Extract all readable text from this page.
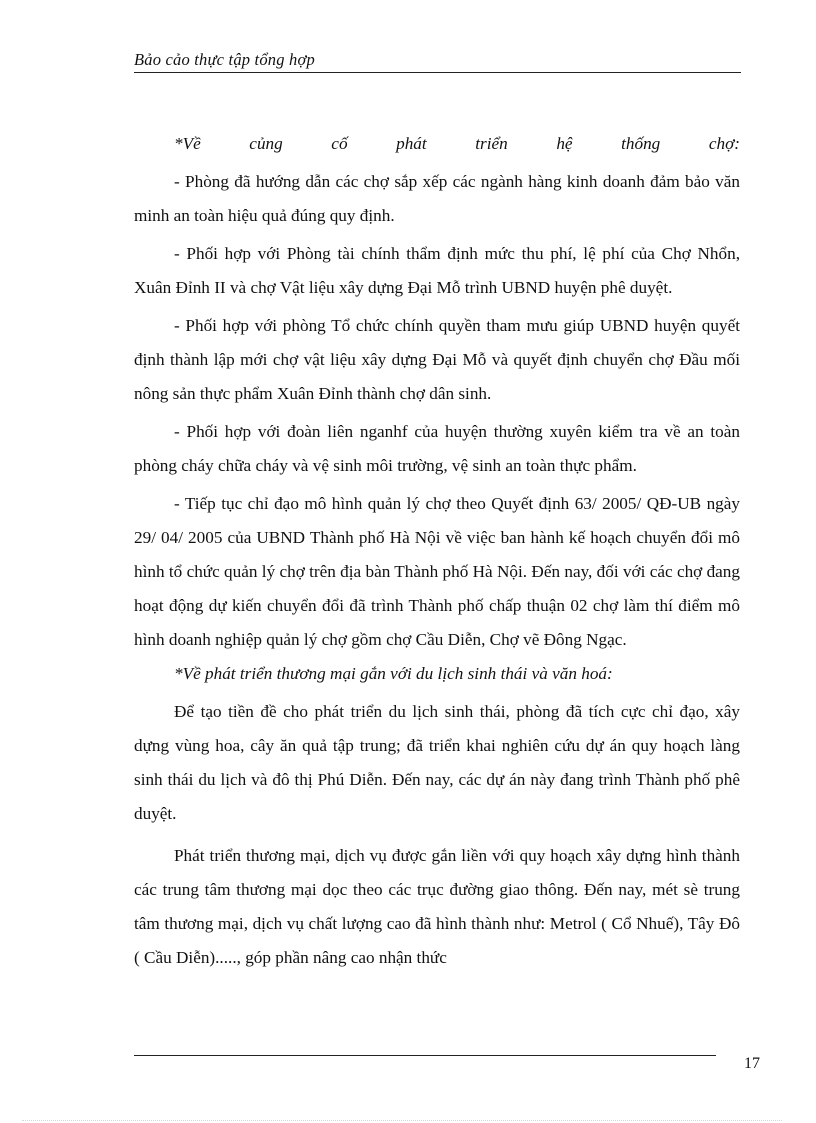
Bảo cảo thực tập tổng hợp
*Về củng cố phát triển hệ thống chợ:
- Phòng đã hướng dẫn các chợ sắp xếp các ngành hàng kinh doanh đảm bảo văn minh an toàn hiệu quả đúng quy định.
- Phối hợp với Phòng tài chính thẩm định mức thu phí, lệ phí của Chợ Nhổn, Xuân Đỉnh II và chợ Vật liệu xây dựng Đại Mỗ trình UBND huyện phê duyệt.
- Phối hợp với phòng Tổ chức chính quyền tham mưu giúp UBND huyện quyết định thành lập mới chợ vật liệu xây dựng Đại Mỗ và quyết định chuyển chợ Đầu mối nông sản thực phẩm Xuân Đỉnh thành chợ dân sinh.
- Phối hợp với đoàn liên nganhf của huyện thường xuyên kiểm tra về an toàn phòng cháy chữa cháy và vệ sinh môi trường, vệ sinh an toàn thực phẩm.
- Tiếp tục chỉ đạo mô hình quản lý chợ theo Quyết định 63/ 2005/ QĐ-UB ngày 29/ 04/ 2005 của UBND Thành phố Hà Nội về việc ban hành kế hoạch chuyển đổi mô hình tổ chức quản lý chợ trên địa bàn Thành phố Hà Nội. Đến nay, đối với các chợ đang hoạt động dự kiến chuyển đổi đã trình Thành phố chấp thuận 02 chợ làm thí điểm mô hình doanh nghiệp quản lý chợ gồm chợ Cầu Diễn, Chợ vẽ Đông Ngạc.
*Về phát triển thương mại gắn với du lịch sinh thái và văn hoá:
Để tạo tiền đề cho phát triển du lịch sinh thái, phòng đã tích cực chỉ đạo, xây dựng vùng hoa, cây ăn quả tập trung; đã triển khai nghiên cứu dự án quy hoạch làng sinh thái du lịch và đô thị Phú Diễn. Đến nay, các dự án này đang trình Thành phố phê duyệt.
Phát triển thương mại, dịch vụ được gắn liền với quy hoạch xây dựng hình thành các trung tâm thương mại dọc theo các trục đường giao thông. Đến nay, mét sè trung tâm thương mại, dịch vụ chất lượng cao đã hình thành như: Metrol ( Cổ Nhuế), Tây Đô ( Cầu Diễn)....., góp phần nâng cao nhận thức
17
